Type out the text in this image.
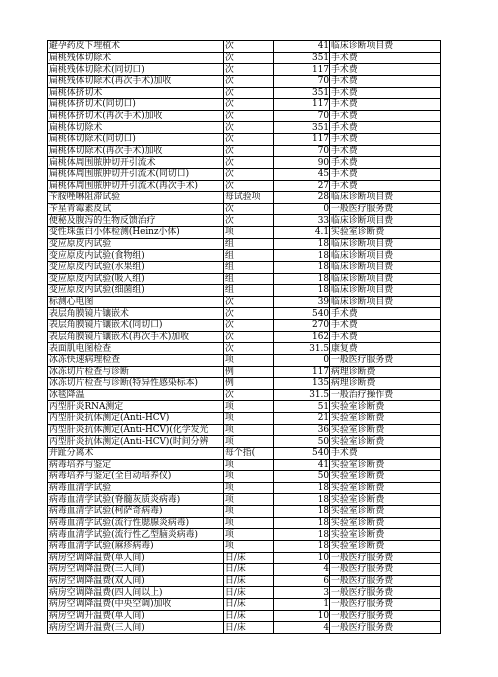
避孕药皮下埋植术	次	41	临床诊断项目费
扁桃残体切除术	次	351	手术费
扁桃残体切除术(同切口)	次	117	手术费
扁桃残体切除术(再次手术)加收	次	70	手术费
扁桃体挤切术	次	351	手术费
扁桃体挤切术(同切口)	次	117	手术费
扁桃体挤切术(再次手术)加收	次	70	手术费
扁桃体切除术	次	351	手术费
扁桃体切除术(同切口)	次	117	手术费
扁桃体切除术(再次手术)加收	次	70	手术费
扁桃体周围脓肿切开引流术	次	90	手术费
扁桃体周围脓肿切开引流术(同切口)	次	45	手术费
扁桃体周围脓肿切开引流术(再次手术)	次	27	手术费
苄胺唑啉阻滞试验	每试验项	28	临床诊断项目费
苄星青霉素皮试	次	0	一般医疗服务费
便秘及腹泻的生物反馈治疗	次	33	临床诊断项目费
变性珠蛋白小体检测(Heinz小体)	项	4.1	实验室诊断费
变应原皮内试验	组	18	临床诊断项目费
变应原皮内试验(食物组)	组	18	临床诊断项目费
变应原皮内试验(水果组)	组	18	临床诊断项目费
变应原皮内试验(吸入组)	组	18	临床诊断项目费
变应原皮内试验(细菌组)	组	18	临床诊断项目费
标测心电图	次	39	临床诊断项目费
表层角膜镜片镶嵌术	次	540	手术费
表层角膜镜片镶嵌术(同切口)	次	270	手术费
表层角膜镜片镶嵌术(再次手术)加收	次	162	手术费
表面肌电图检查	次	31.5	康复费
冰冻快速病理检查	项	0	一般医疗服务费
冰冻切片检查与诊断	例	117	病理诊断费
冰冻切片检查与诊断(特异性感染标本)	例	135	病理诊断费
冰毯降温	次	31.5	一般治疗操作费
丙型肝炎RNA测定	项	51	实验室诊断费
丙型肝炎抗体测定(Anti-HCV)	项	21	实验室诊断费
丙型肝炎抗体测定(Anti-HCV)(化学发光	项	36	实验室诊断费
丙型肝炎抗体测定(Anti-HCV)(时间分辨	项	50	实验室诊断费
并趾分离术	每个指(	540	手术费
病毒培养与鉴定	项	41	实验室诊断费
病毒培养与鉴定(全自动培养仪)	项	50	实验室诊断费
病毒血清学试验	项	18	实验室诊断费
病毒血清学试验(脊髓灰质炎病毒)	项	18	实验室诊断费
病毒血清学试验(柯萨奇病毒)	项	18	实验室诊断费
病毒血清学试验(流行性腮腺炎病毒)	项	18	实验室诊断费
病毒血清学试验(流行性乙型脑炎病毒)	项	18	实验室诊断费
病毒血清学试验(麻疹病毒)	项	18	实验室诊断费
病房空调降温费(单人间)	日/床	10	一般医疗服务费
病房空调降温费(三人间)	日/床	4	一般医疗服务费
病房空调降温费(双人间)	日/床	6	一般医疗服务费
病房空调降温费(四人间以上)	日/床	3	一般医疗服务费
病房空调降温费(中央空调)加收	日/床	1	一般医疗服务费
病房空调升温费(单人间)	日/床	10	一般医疗服务费
病房空调升温费(三人间)	日/床	4	一般医疗服务费
